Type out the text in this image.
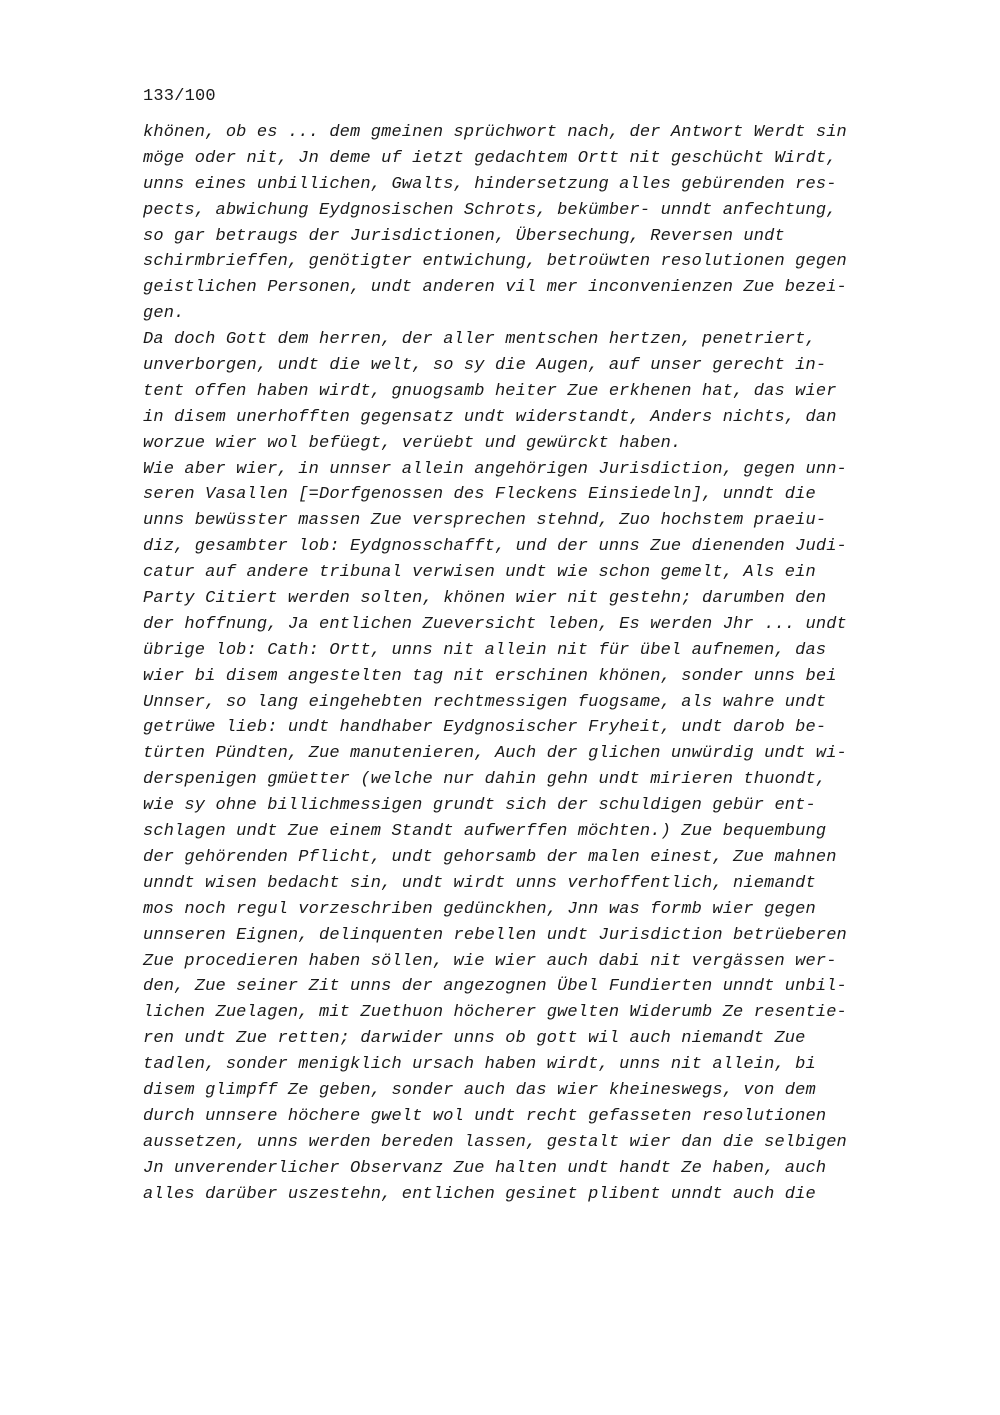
133/100
khönen, ob es ... dem gmeinen sprüchwort nach, der Antwort Werdt sin
möge oder nit, Jn deme uf ietzt gedachtem Ortt nit geschücht Wirdt,
unns eines unbillichen, Gwalts, hindersetzung alles gebürenden res-
pects, abwichung Eydgnosischen Schrots, bekümber- unndt anfechtung,
so gar betraugs der Jurisdictionen, Übersechung, Reversen undt
schirmbrieffen, genötigter entwichung, betroüwten resolutionen gegen
geistlichen Personen, undt anderen vil mer inconvenienzen Zue bezei-
gen.
Da doch Gott dem herren, der aller mentschen hertzen, penetriert,
unverborgen, undt die welt, so sy die Augen, auf unser gerecht in-
tent offen haben wirdt, gnuogsamb heiter Zue erkhenen hat, das wier
in disem unerhofften gegensatz undt widerstandt, Anders nichts, dan
worzue wier wol befüegt, verüebt und gewürckt haben.
Wie aber wier, in unnser allein angehörigen Jurisdiction, gegen unn-
seren Vasallen [=Dorfgenossen des Fleckens Einsiedeln], unndt die
unns bewüsster massen Zue versprechen stehnd, Zuo hochstem praeiu-
diz, gesambter lob: Eydgnosschafft, und der unns Zue dienenden Judi-
catur auf andere tribunal verwisen undt wie schon gemelt, Als ein
Party Citiert werden solten, khönen wier nit gestehn; darumben den
der hoffnung, Ja entlichen Zueversicht leben, Es werden Jhr ... undt
übrige lob: Cath: Ortt, unns nit allein nit für übel aufnemen, das
wier bi disem angestelten tag nit erschinen khönen, sonder unns bei
Unnser, so lang eingehebten rechtmessigen fuogsame, als wahre undt
getrüwe lieb: undt handhaber Eydgnosischer Fryheit, undt darob be-
türten Pündten, Zue manutenieren, Auch der glichen unwürdig undt wi-
derspenigen gmüetter (welche nur dahin gehn undt mirieren thuondt,
wie sy ohne billichmessigen grundt sich der schuldigen gebür ent-
schlagen undt Zue einem Standt aufwerffen möchten.) Zue bequembung
der gehörenden Pflicht, undt gehorsamb der malen einest, Zue mahnen
unndt wisen bedacht sin, undt wirdt unns verhoffentlich, niemandt
mos noch regul vorzeschriben gedünckhen, Jnn was formb wier gegen
unnseren Eignen, delinquenten rebellen undt Jurisdiction betrüeberen
Zue procedieren haben söllen, wie wier auch dabi nit vergässen wer-
den, Zue seiner Zit unns der angezognen Übel Fundierten unndt unbil-
lichen Zuelagen, mit Zuethuon höcherer gwelten Widerumb Ze resentie-
ren undt Zue retten; darwider unns ob gott wil auch niemandt Zue
tadlen, sonder menigklich ursach haben wirdt, unns nit allein, bi
disem glimpff Ze geben, sonder auch das wier kheineswegs, von dem
durch unnsere höchere gwelt wol undt recht gefasseten resolutionen
aussetzen, unns werden bereden lassen, gestalt wier dan die selbigen
Jn unverenderlicher Observanz Zue halten undt handt Ze haben, auch
alles darüber uszestehn, entlichen gesinet plibent unndt auch die
